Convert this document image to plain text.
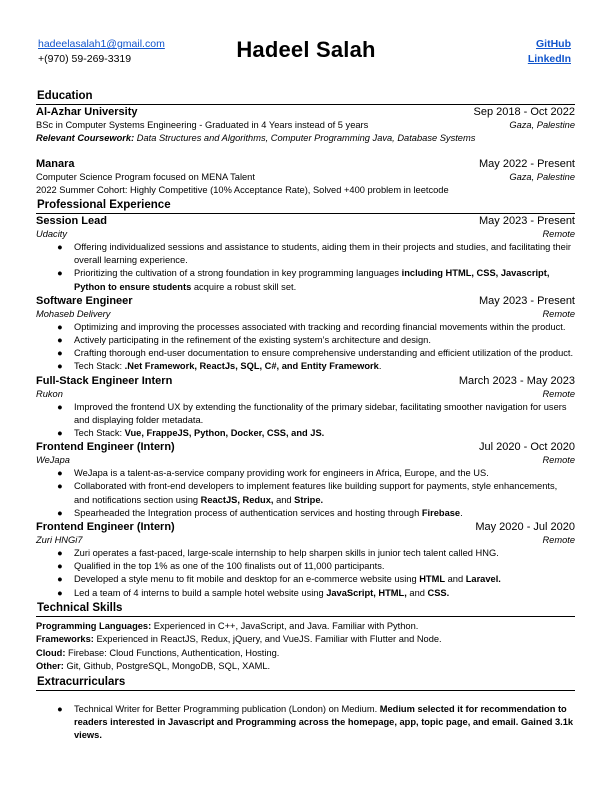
hadeelasalah1@gmail.com
+(970) 59-269-3319	Hadeel Salah	GitHub
LinkedIn
Education
Al-Azhar University	Sep 2018 - Oct 2022
BSc in Computer Systems Engineering - Graduated in 4 Years instead of 5 years	Gaza, Palestine
Relevant Coursework: Data Structures and Algorithms, Computer Programming Java, Database Systems
Manara	May 2022 - Present
Computer Science Program focused on MENA Talent	Gaza, Palestine
2022 Summer Cohort: Highly Competitive (10% Acceptance Rate), Solved +400 problem in leetcode
Professional Experience
Session Lead	May 2023 - Present
Udacity	Remote
● Offering individualized sessions and assistance to students, aiding them in their projects and studies, and facilitating their overall learning experience.
● Prioritizing the cultivation of a strong foundation in key programming languages including HTML, CSS, Javascript, Python to ensure students acquire a robust skill set.
Software Engineer	May 2023 - Present
Mohaseb Delivery	Remote
● Optimizing and improving the processes associated with tracking and recording financial movements within the product.
● Actively participating in the refinement of the existing system’s architecture and design.
● Crafting thorough end-user documentation to ensure comprehensive understanding and efficient utilization of the product.
● Tech Stack: .Net Framework, ReactJs, SQL, C#, and Entity Framework.
Full-Stack Engineer Intern	March 2023 - May 2023
Rukon	Remote
● Improved the frontend UX by extending the functionality of the primary sidebar, facilitating smoother navigation for users and displaying folder metadata.
● Tech Stack: Vue, FrappeJS, Python, Docker, CSS, and JS.
Frontend Engineer (Intern)	Jul 2020 - Oct 2020
WeJapa	Remote
● WeJapa is a talent-as-a-service company providing work for engineers in Africa, Europe, and the US.
● Collaborated with front-end developers to implement features like building support for payments, style enhancements, and notifications section using ReactJS, Redux, and Stripe.
● Spearheaded the Integration process of authentication services and hosting through Firebase.
Frontend Engineer (Intern)	May 2020 - Jul 2020
Zuri HNGi7	Remote
● Zuri operates a fast-paced, large-scale internship to help sharpen skills in junior tech talent called HNG.
● Qualified in the top 1% as one of the 100 finalists out of 11,000 participants.
● Developed a style menu to fit mobile and desktop for an e-commerce website using HTML and Laravel.
● Led a team of 4 interns to build a sample hotel website using JavaScript, HTML, and CSS.
Technical Skills
Programming Languages: Experienced in C++, JavaScript, and Java. Familiar with Python.
Frameworks: Experienced in ReactJS, Redux, jQuery, and VueJS. Familiar with Flutter and Node.
Cloud: Firebase: Cloud Functions, Authentication, Hosting.
Other: Git, Github, PostgreSQL, MongoDB, SQL, XAML.
Extracurriculars
● Technical Writer for Better Programming publication (London) on Medium. Medium selected it for recommendation to readers interested in Javascript and Programming across the homepage, app, topic page, and email. Gained 3.1k views.
